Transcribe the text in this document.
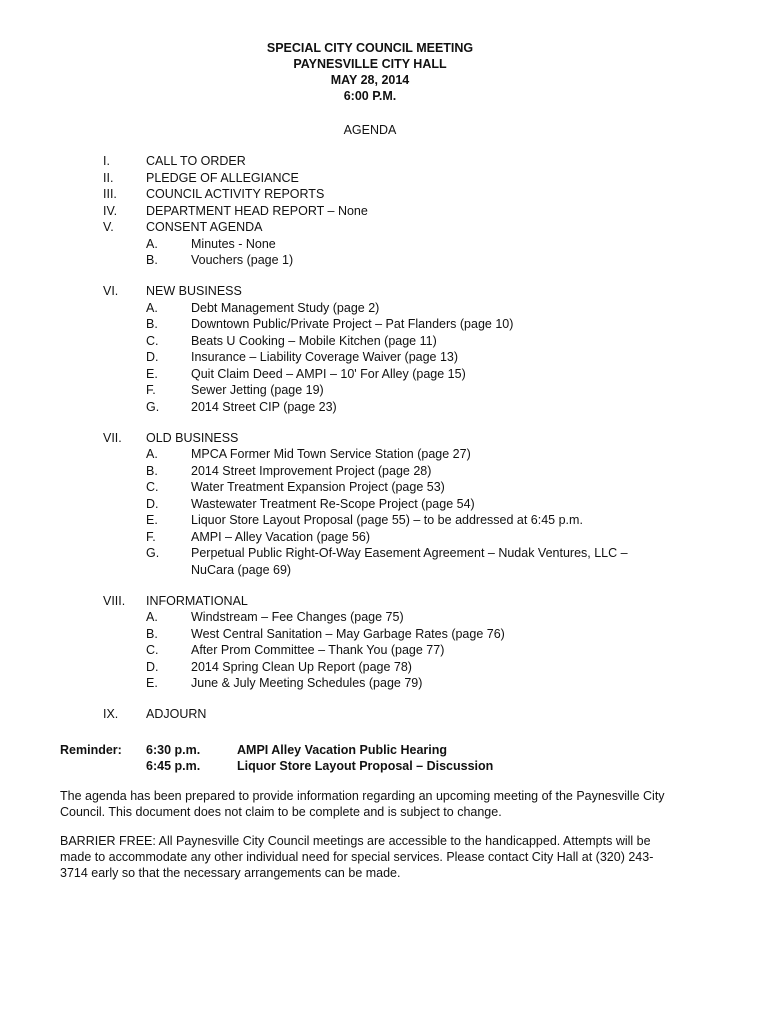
SPECIAL CITY COUNCIL MEETING
PAYNESVILLE CITY HALL
MAY 28, 2014
6:00 P.M.
AGENDA
I.	CALL TO ORDER
II.	PLEDGE OF ALLEGIANCE
III. COUNCIL ACTIVITY REPORTS
IV. DEPARTMENT HEAD REPORT – None
V.	CONSENT AGENDA
A.	Minutes - None
B.	Vouchers (page 1)
VI. NEW BUSINESS
A.	Debt Management Study (page 2)
B.	Downtown Public/Private Project – Pat Flanders (page 10)
C.	Beats U Cooking – Mobile Kitchen (page 11)
D.	Insurance – Liability Coverage Waiver (page 13)
E.	Quit Claim Deed – AMPI – 10' For Alley (page 15)
F.	Sewer Jetting (page 19)
G.	2014 Street CIP (page 23)
VII. OLD BUSINESS
A.	MPCA Former Mid Town Service Station (page 27)
B.	2014 Street Improvement Project (page 28)
C.	Water Treatment Expansion Project (page 53)
D.	Wastewater Treatment Re-Scope Project (page 54)
E.	Liquor Store Layout Proposal (page 55) – to be addressed at 6:45 p.m.
F.	AMPI – Alley Vacation (page 56)
G.	Perpetual Public Right-Of-Way Easement Agreement – Nudak Ventures, LLC – NuCara (page 69)
VIII. INFORMATIONAL
A.	Windstream – Fee Changes (page 75)
B.	West Central Sanitation – May Garbage Rates (page 76)
C.	After Prom Committee – Thank You (page 77)
D.	2014 Spring Clean Up Report (page 78)
E.	June & July Meeting Schedules (page 79)
IX. ADJOURN
Reminder: 6:30 p.m.	AMPI Alley Vacation Public Hearing
6:45 p.m.	Liquor Store Layout Proposal – Discussion
The agenda has been prepared to provide information regarding an upcoming meeting of the Paynesville City Council. This document does not claim to be complete and is subject to change.
BARRIER FREE: All Paynesville City Council meetings are accessible to the handicapped. Attempts will be made to accommodate any other individual need for special services. Please contact City Hall at (320) 243-3714 early so that the necessary arrangements can be made.
